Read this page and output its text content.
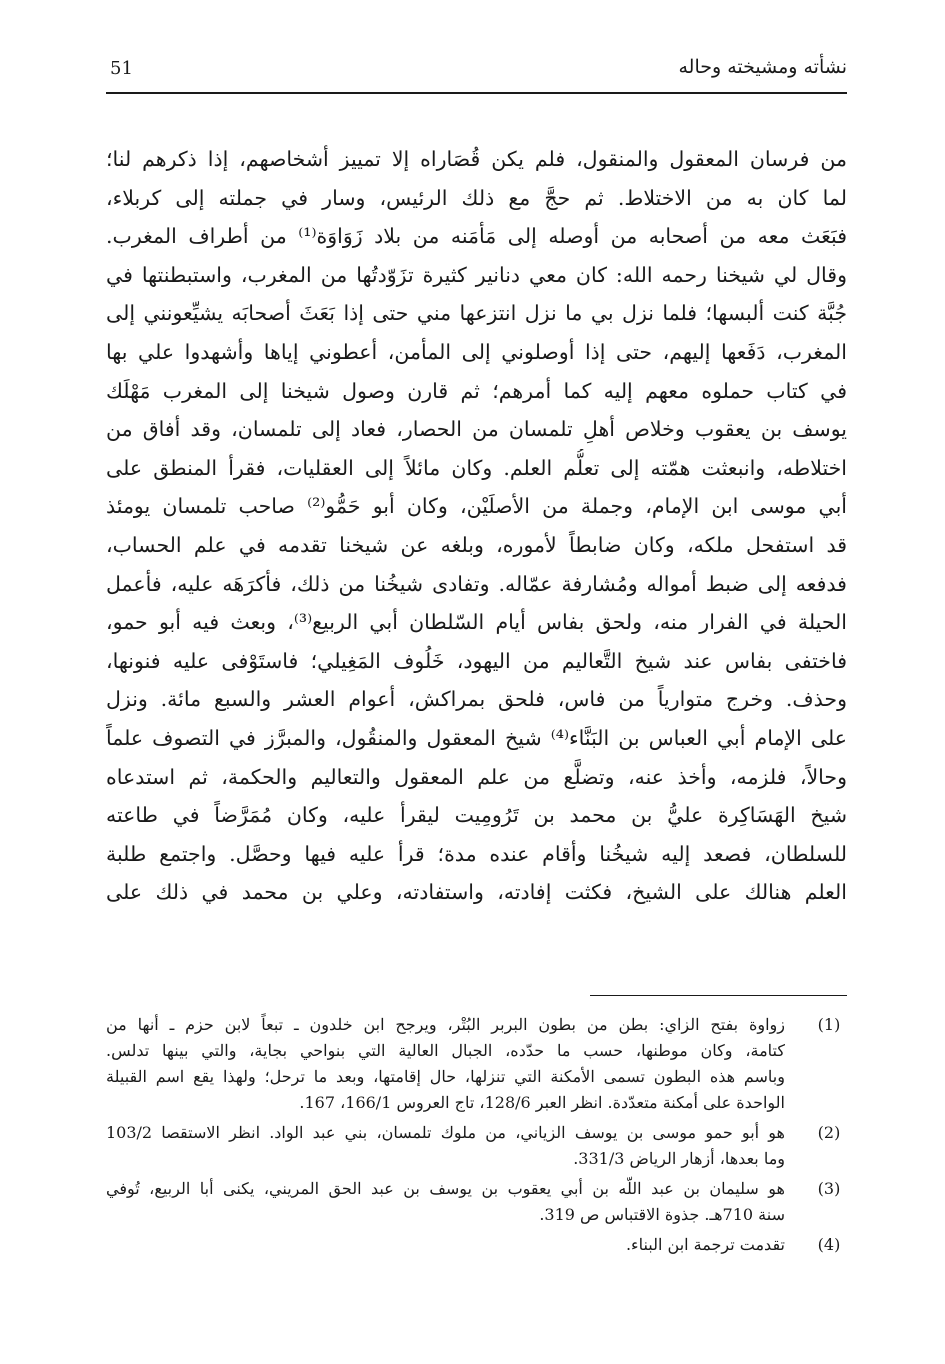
نشأته ومشيخته وحاله
51
من فرسان المعقول والمنقول، فلم يكن قُصَاراه إلا تمييز أشخاصهم، إذا ذكرهم لنا؛
لما كان به من الاختلاط. ثم حجَّ مع ذلك الرئيس، وسار في جملته إلى كربلاء،
فبَعَث معه من أصحابه من أوصله إلى مَأمَنه من بلاد زَوَاوَة⁽¹⁾ من أطراف المغرب.
وقال لي شيخنا رحمه الله: كان معي دنانير كثيرة تزَوّدتُها من المغرب، واستبطنتها في
جُبَّة كنت ألبسها؛ فلما نزل بي ما نزل انتزعها مني حتى إذا بَعَثَ أصحابَه يشيِّعونني إلى
المغرب، دَفَعها إليهم، حتى إذا أوصلوني إلى المأمن، أعطوني إياها وأشهدوا علي بها
في كتاب حملوه معهم إليه كما أمرهم؛ ثم قارن وصول شيخنا إلى المغرب مَهْلَك
يوسف بن يعقوب وخلاص أهلِ تلمسان من الحصار، فعاد إلى تلمسان، وقد أفاق من
اختلاطه، وانبعثت همّته إلى تعلُّم العلم. وكان مائلاً إلى العقليات، فقرأ المنطق على
أبي موسى ابن الإمام، وجملة من الأصلَيْن، وكان أبو حَمُّو⁽²⁾ صاحب تلمسان يومئذ
قد استفحل ملكه، وكان ضابطاً لأموره، وبلغه عن شيخنا تقدمه في علم الحساب،
فدفعه إلى ضبط أمواله ومُشارفة عمّاله. وتفادى شيخُنا من ذلك، فأكرَهَه عليه، فأعمل
الحيلة في الفرار منه، ولحق بفاس أيام السّلطان أبي الربيع⁽³⁾، وبعث فيه أبو حمو،
فاختفى بفاس عند شيخ التَّعاليم من اليهود، خَلُوف المَغِيلي؛ فاستَوْفى عليه فنونها،
وحذف. وخرج متوارياً من فاس، فلحق بمراكش، أعوام العشر والسبع مائة. ونزل
على الإمام أبي العباس بن البَنَّاء⁽⁴⁾ شيخ المعقول والمنقُول، والمبرَّز في التصوف علماً
وحالاً، فلزمه، وأخذ عنه، وتضلَّع من علم المعقول والتعاليم والحكمة، ثم استدعاه
شيخ الهَسَاكِرة عليُّ بن محمد بن تَرُومِيت ليقرأ عليه، وكان مُمَرَّضاً في طاعته
للسلطان، فصعد إليه شيخُنا وأقام عنده مدة؛ قرأ عليه فيها وحصَّل. واجتمع طلبة
العلم هنالك على الشيخ، فكثت إفادته، واستفادته، وعلي بن محمد في ذلك على
(1)
زواوة بفتح الزاي: بطن من بطون البربر البُتْر، ويرجح ابن خلدون ـ تبعاً لابن حزم ـ أنها من
كتامة، وكان موطنها، حسب ما حدّده، الجبال العالية التي بنواحي بجاية، والتي بينها تدلس.
وباسم هذه البطون تسمى الأمكنة التي تنزلها، حال إقامتها، وبعد ما ترحل؛ ولهذا يقع اسم القبيلة
الواحدة على أمكنة متعدّدة. انظر العبر 128/6، تاج العروس 166/1، 167.
(2)
هو أبو حمو موسى بن يوسف الزياني، من ملوك تلمسان، بني عبد الواد. انظر الاستقصا 103/2
وما بعدها، أزهار الرياض 331/3.
(3)
هو سليمان بن عبد اللّه بن أبي يعقوب بن يوسف بن عبد الحق المريني، يكنى أبا الربيع، تُوفي
سنة 710هـ. جذوة الاقتباس ص 319.
(4)
تقدمت ترجمة ابن البناء.
